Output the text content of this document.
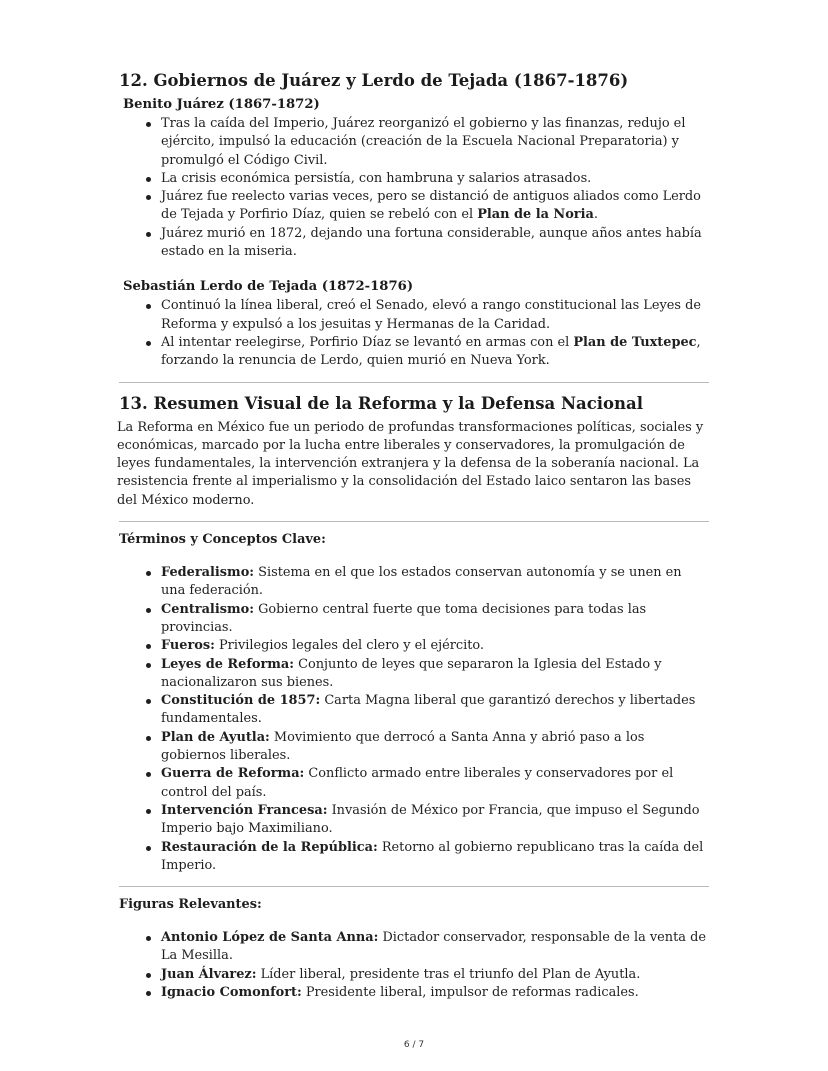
12. Gobiernos de Juárez y Lerdo de Tejada (1867-1876)
Benito Juárez (1867-1872)
Tras la caída del Imperio, Juárez reorganizó el gobierno y las finanzas, redujo el ejército, impulsó la educación (creación de la Escuela Nacional Preparatoria) y promulgó el Código Civil.
La crisis económica persistía, con hambruna y salarios atrasados.
Juárez fue reelecto varias veces, pero se distanció de antiguos aliados como Lerdo de Tejada y Porfirio Díaz, quien se rebeló con el Plan de la Noria.
Juárez murió en 1872, dejando una fortuna considerable, aunque años antes había estado en la miseria.
Sebastián Lerdo de Tejada (1872-1876)
Continuó la línea liberal, creó el Senado, elevó a rango constitucional las Leyes de Reforma y expulsó a los jesuitas y Hermanas de la Caridad.
Al intentar reelegirse, Porfirio Díaz se levantó en armas con el Plan de Tuxtepec, forzando la renuncia de Lerdo, quien murió en Nueva York.
13. Resumen Visual de la Reforma y la Defensa Nacional

La Reforma en México fue un periodo de profundas transformaciones políticas, sociales y económicas, marcado por la lucha entre liberales y conservadores, la promulgación de leyes fundamentales, la intervención extranjera y la defensa de la soberanía nacional. La resistencia frente al imperialismo y la consolidación del Estado laico sentaron las bases del México moderno.

Términos y Conceptos Clave:

Federalismo: Sistema en el que los estados conservan autonomía y se unen en una federación.
Centralismo: Gobierno central fuerte que toma decisiones para todas las provincias.
Fueros: Privilegios legales del clero y el ejército.
Leyes de Reforma: Conjunto de leyes que separaron la Iglesia del Estado y nacionalizaron sus bienes.
Constitución de 1857: Carta Magna liberal que garantizó derechos y libertades fundamentales.
Plan de Ayutla: Movimiento que derrocó a Santa Anna y abrió paso a los gobiernos liberales.
Guerra de Reforma: Conflicto armado entre liberales y conservadores por el control del país.
Intervención Francesa: Invasión de México por Francia, que impuso el Segundo Imperio bajo Maximiliano.
Restauración de la República: Retorno al gobierno republicano tras la caída del Imperio.

Figuras Relevantes:

Antonio López de Santa Anna: Dictador conservador, responsable de la venta de La Mesilla.
Juan Álvarez: Líder liberal, presidente tras el triunfo del Plan de Ayutla.
Ignacio Comonfort: Presidente liberal, impulsor de reformas radicales.
6 / 7
